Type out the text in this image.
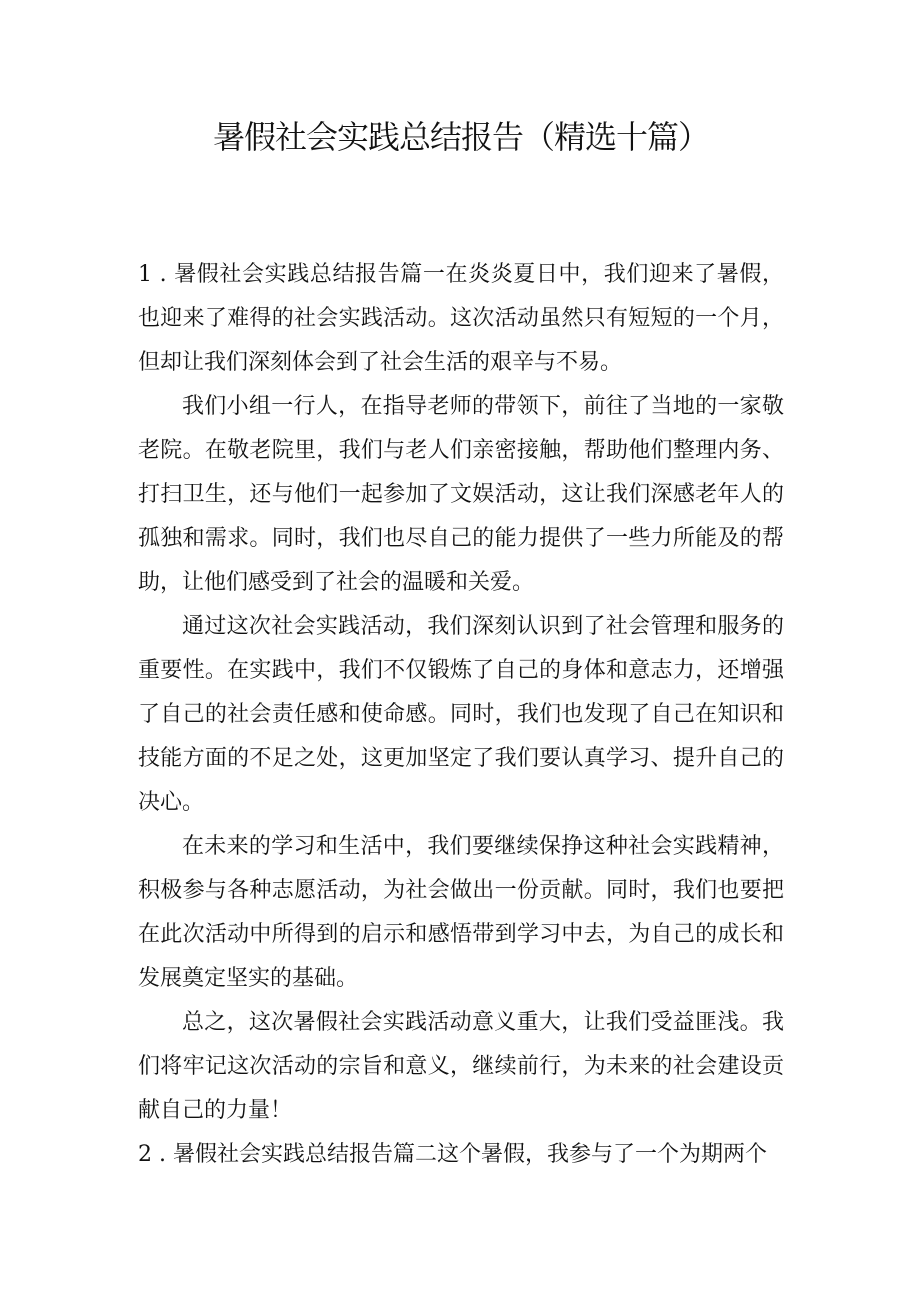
暑假社会实践总结报告（精选十篇）

1 . 暑假社会实践总结报告篇一在炎炎夏日中，我们迎来了暑假，也迎来了难得的社会实践活动。这次活动虽然只有短短的一个月，但却让我们深刻体会到了社会生活的艰辛与不易。

我们小组一行人，在指导老师的带领下，前往了当地的一家敬老院。在敬老院里，我们与老人们亲密接触，帮助他们整理内务、打扫卫生，还与他们一起参加了文娱活动，这让我们深感老年人的孤独和需求。同时，我们也尽自己的能力提供了一些力所能及的帮助，让他们感受到了社会的温暖和关爱。

通过这次社会实践活动，我们深刻认识到了社会管理和服务的重要性。在实践中，我们不仅锻炼了自己的身体和意志力，还增强了自己的社会责任感和使命感。同时，我们也发现了自己在知识和技能方面的不足之处，这更加坚定了我们要认真学习、提升自己的决心。

在未来的学习和生活中，我们要继续保挣这种社会实践精神，积极参与各种志愿活动，为社会做出一份贡献。同时，我们也要把在此次活动中所得到的启示和感悟带到学习中去，为自己的成长和发展奠定坚实的基础。

总之，这次暑假社会实践活动意义重大，让我们受益匪浅。我们将牢记这次活动的宗旨和意义，继续前行，为未来的社会建设贡献自己的力量！

2 . 暑假社会实践总结报告篇二这个暑假，我参与了一个为期两个
